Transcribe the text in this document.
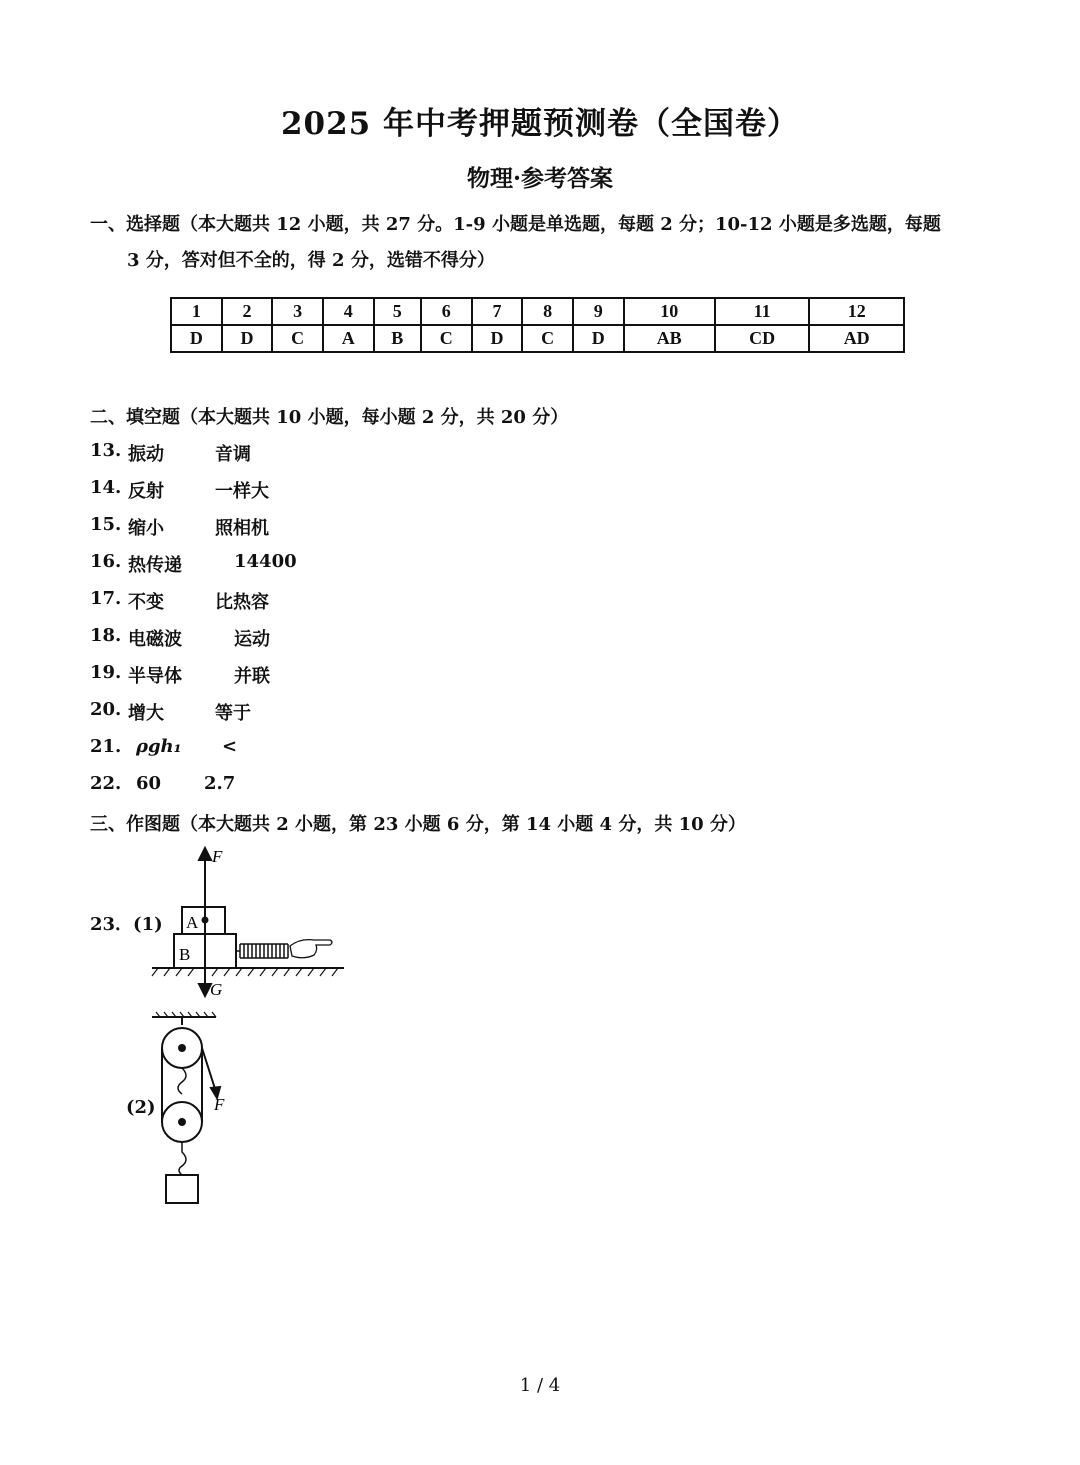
2025 年中考押题预测卷（全国卷）
物理·参考答案
一、选择题（本大题共 12 小题，共 27 分。1-9 小题是单选题，每题 2 分；10-12 小题是多选题，每题
3 分，答对但不全的，得 2 分，选错不得分）
1	2	3	4	5	6	7	8	9	10	11	12
D	D	C	A	B	C	D	C	D	AB	CD	AD
二、填空题（本大题共 10 小题，每小题 2 分，共 20 分）
13. 振动	音调
14. 反射	一样大
15. 缩小	照相机
16. 热传递	14400
17. 不变	比热容
18. 电磁波	运动
19. 半导体	并联
20. 增大	等于
21. ρgh₁ <
22. 60 2.7
三、作图题（本大题共 2 小题，第 23 小题 6 分，第 14 小题 4 分，共 10 分）
23．(1)
(2)
F
G
A
B
F
1 / 4
